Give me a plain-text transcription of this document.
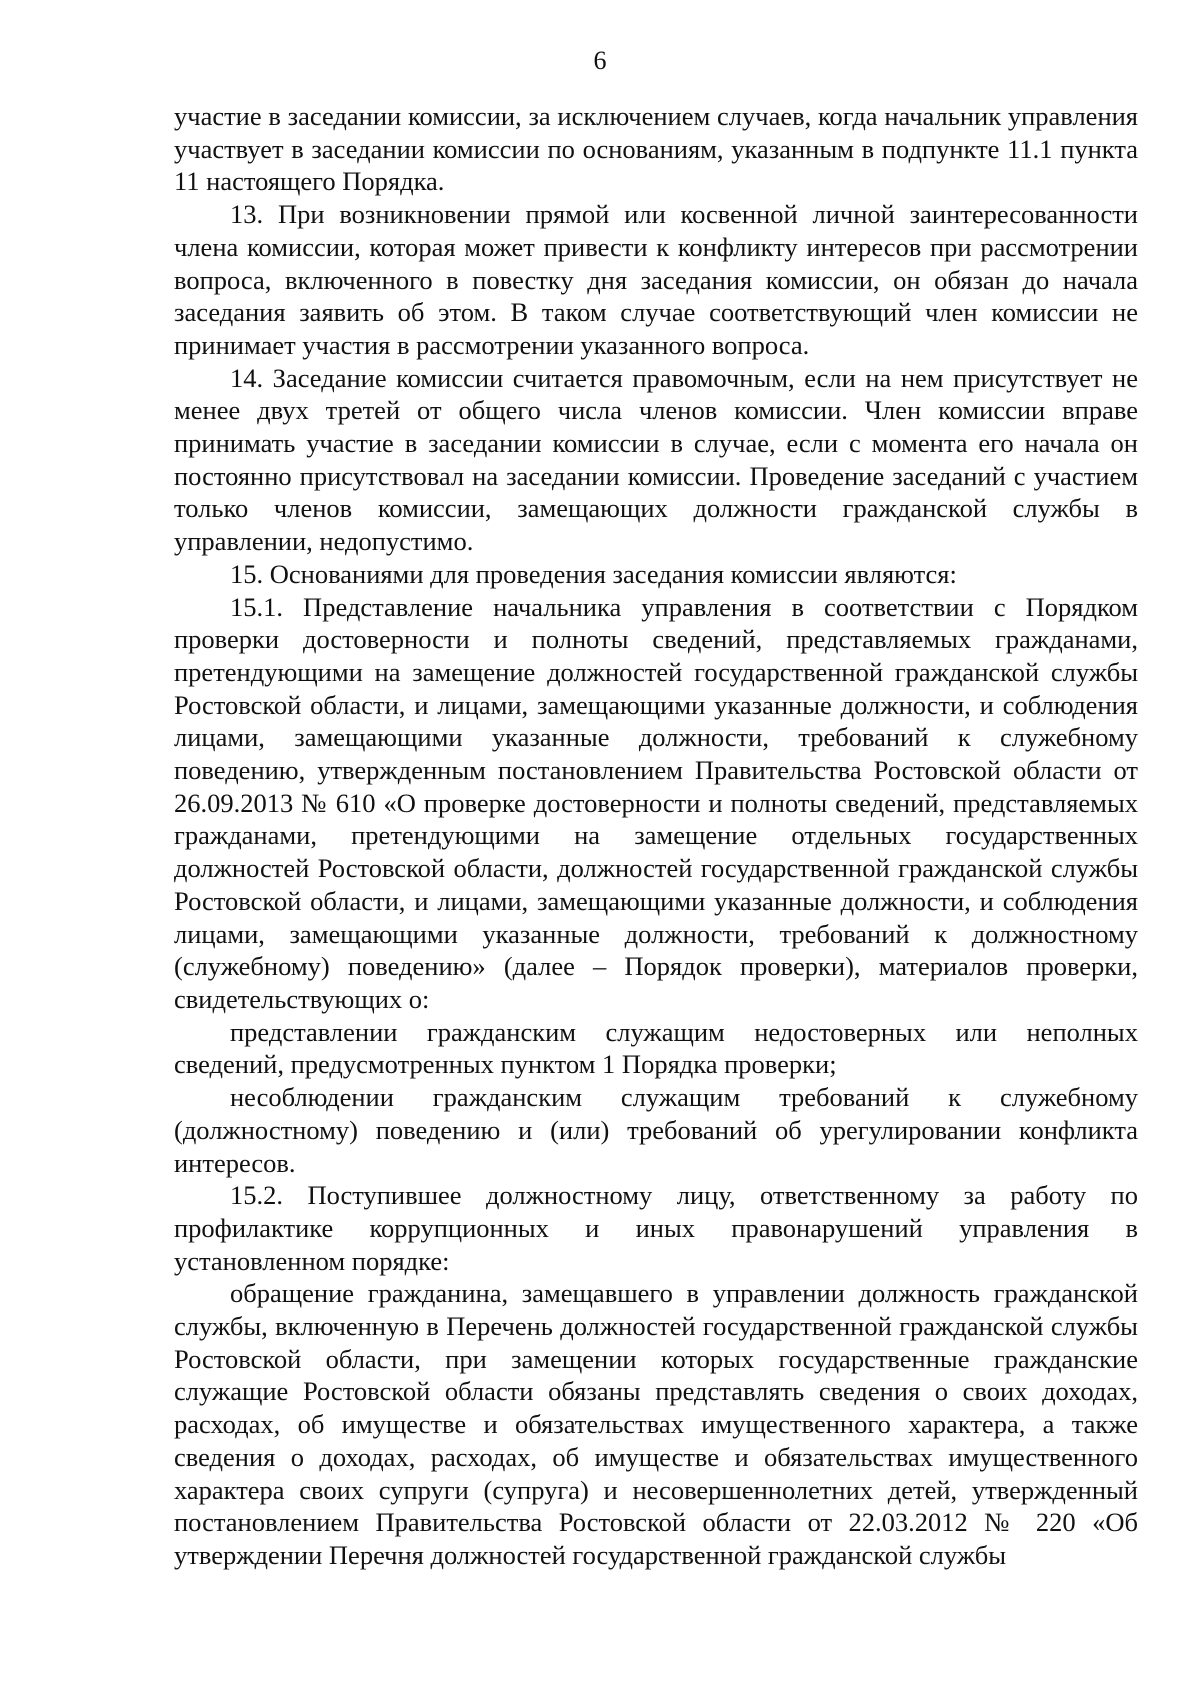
6

участие в заседании комиссии, за исключением случаев, когда начальник управления участвует в заседании комиссии по основаниям, указанным в подпункте 11.1 пункта 11 настоящего Порядка.

13. При возникновении прямой или косвенной личной заинтересованности члена комиссии, которая может привести к конфликту интересов при рассмотрении вопроса, включенного в повестку дня заседания комиссии, он обязан до начала заседания заявить об этом. В таком случае соответствующий член комиссии не принимает участия в рассмотрении указанного вопроса.

14. Заседание комиссии считается правомочным, если на нем присутствует не менее двух третей от общего числа членов комиссии. Член комиссии вправе принимать участие в заседании комиссии в случае, если с момента его начала он постоянно присутствовал на заседании комиссии. Проведение заседаний с участием только членов комиссии, замещающих должности гражданской службы в управлении, недопустимо.

15. Основаниями для проведения заседания комиссии являются:

15.1. Представление начальника управления в соответствии с Порядком проверки достоверности и полноты сведений, представляемых гражданами, претендующими на замещение должностей государственной гражданской службы Ростовской области, и лицами, замещающими указанные должности, и соблюдения лицами, замещающими указанные должности, требований к служебному поведению, утвержденным постановлением Правительства Ростовской области от 26.09.2013 № 610 «О проверке достоверности и полноты сведений, представляемых гражданами, претендующими на замещение отдельных государственных должностей Ростовской области, должностей государственной гражданской службы Ростовской области, и лицами, замещающими указанные должности, и соблюдения лицами, замещающими указанные должности, требований к должностному (служебному) поведению» (далее – Порядок проверки), материалов проверки, свидетельствующих о:

представлении гражданским служащим недостоверных или неполных сведений, предусмотренных пунктом 1 Порядка проверки;

несоблюдении гражданским служащим требований к служебному (должностному) поведению и (или) требований об урегулировании конфликта интересов.

15.2. Поступившее должностному лицу, ответственному за работу по профилактике коррупционных и иных правонарушений управления в установленном порядке:

обращение гражданина, замещавшего в управлении должность гражданской службы, включенную в Перечень должностей государственной гражданской службы Ростовской области, при замещении которых государственные гражданские служащие Ростовской области обязаны представлять сведения о своих доходах, расходах, об имуществе и обязательствах имущественного характера, а также сведения о доходах, расходах, об имуществе и обязательствах имущественного характера своих супруги (супруга) и несовершеннолетних детей, утвержденный постановлением Правительства Ростовской области от 22.03.2012 № 220 «Об утверждении Перечня должностей государственной гражданской службы
